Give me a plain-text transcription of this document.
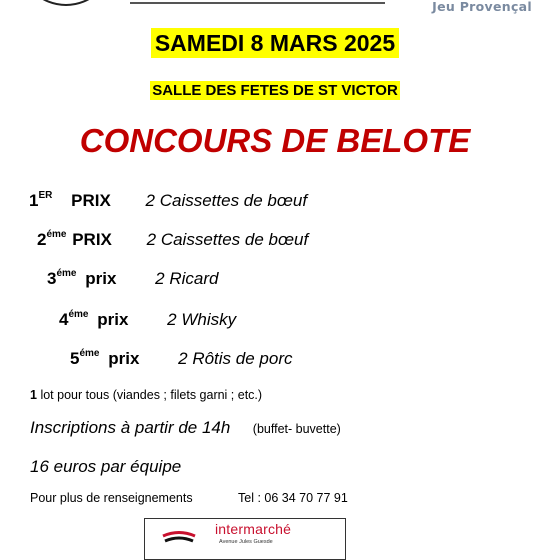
Jeu Provençal
SAMEDI 8 MARS 2025
SALLE DES FETES DE ST VICTOR
CONCOURS DE BELOTE
1ER PRIX 2 Caissettes de bœuf
$2^{éme}$ PRIX 2 Caissettes de bœuf
$3^{éme}$ prix 2 Ricard
$4^{éme}$ prix 2 Whisky
$5^{éme}$ prix 2 Rôtis de porc
1 lot pour tous (viandes ; filets garni ; etc.)
Inscriptions à partir de 14h (buffet- buvette)
16 euros par équipe
Pour plus de renseignements	Tel : 06 34 70 77 91
intermarché
Avenue Jules Guesde
